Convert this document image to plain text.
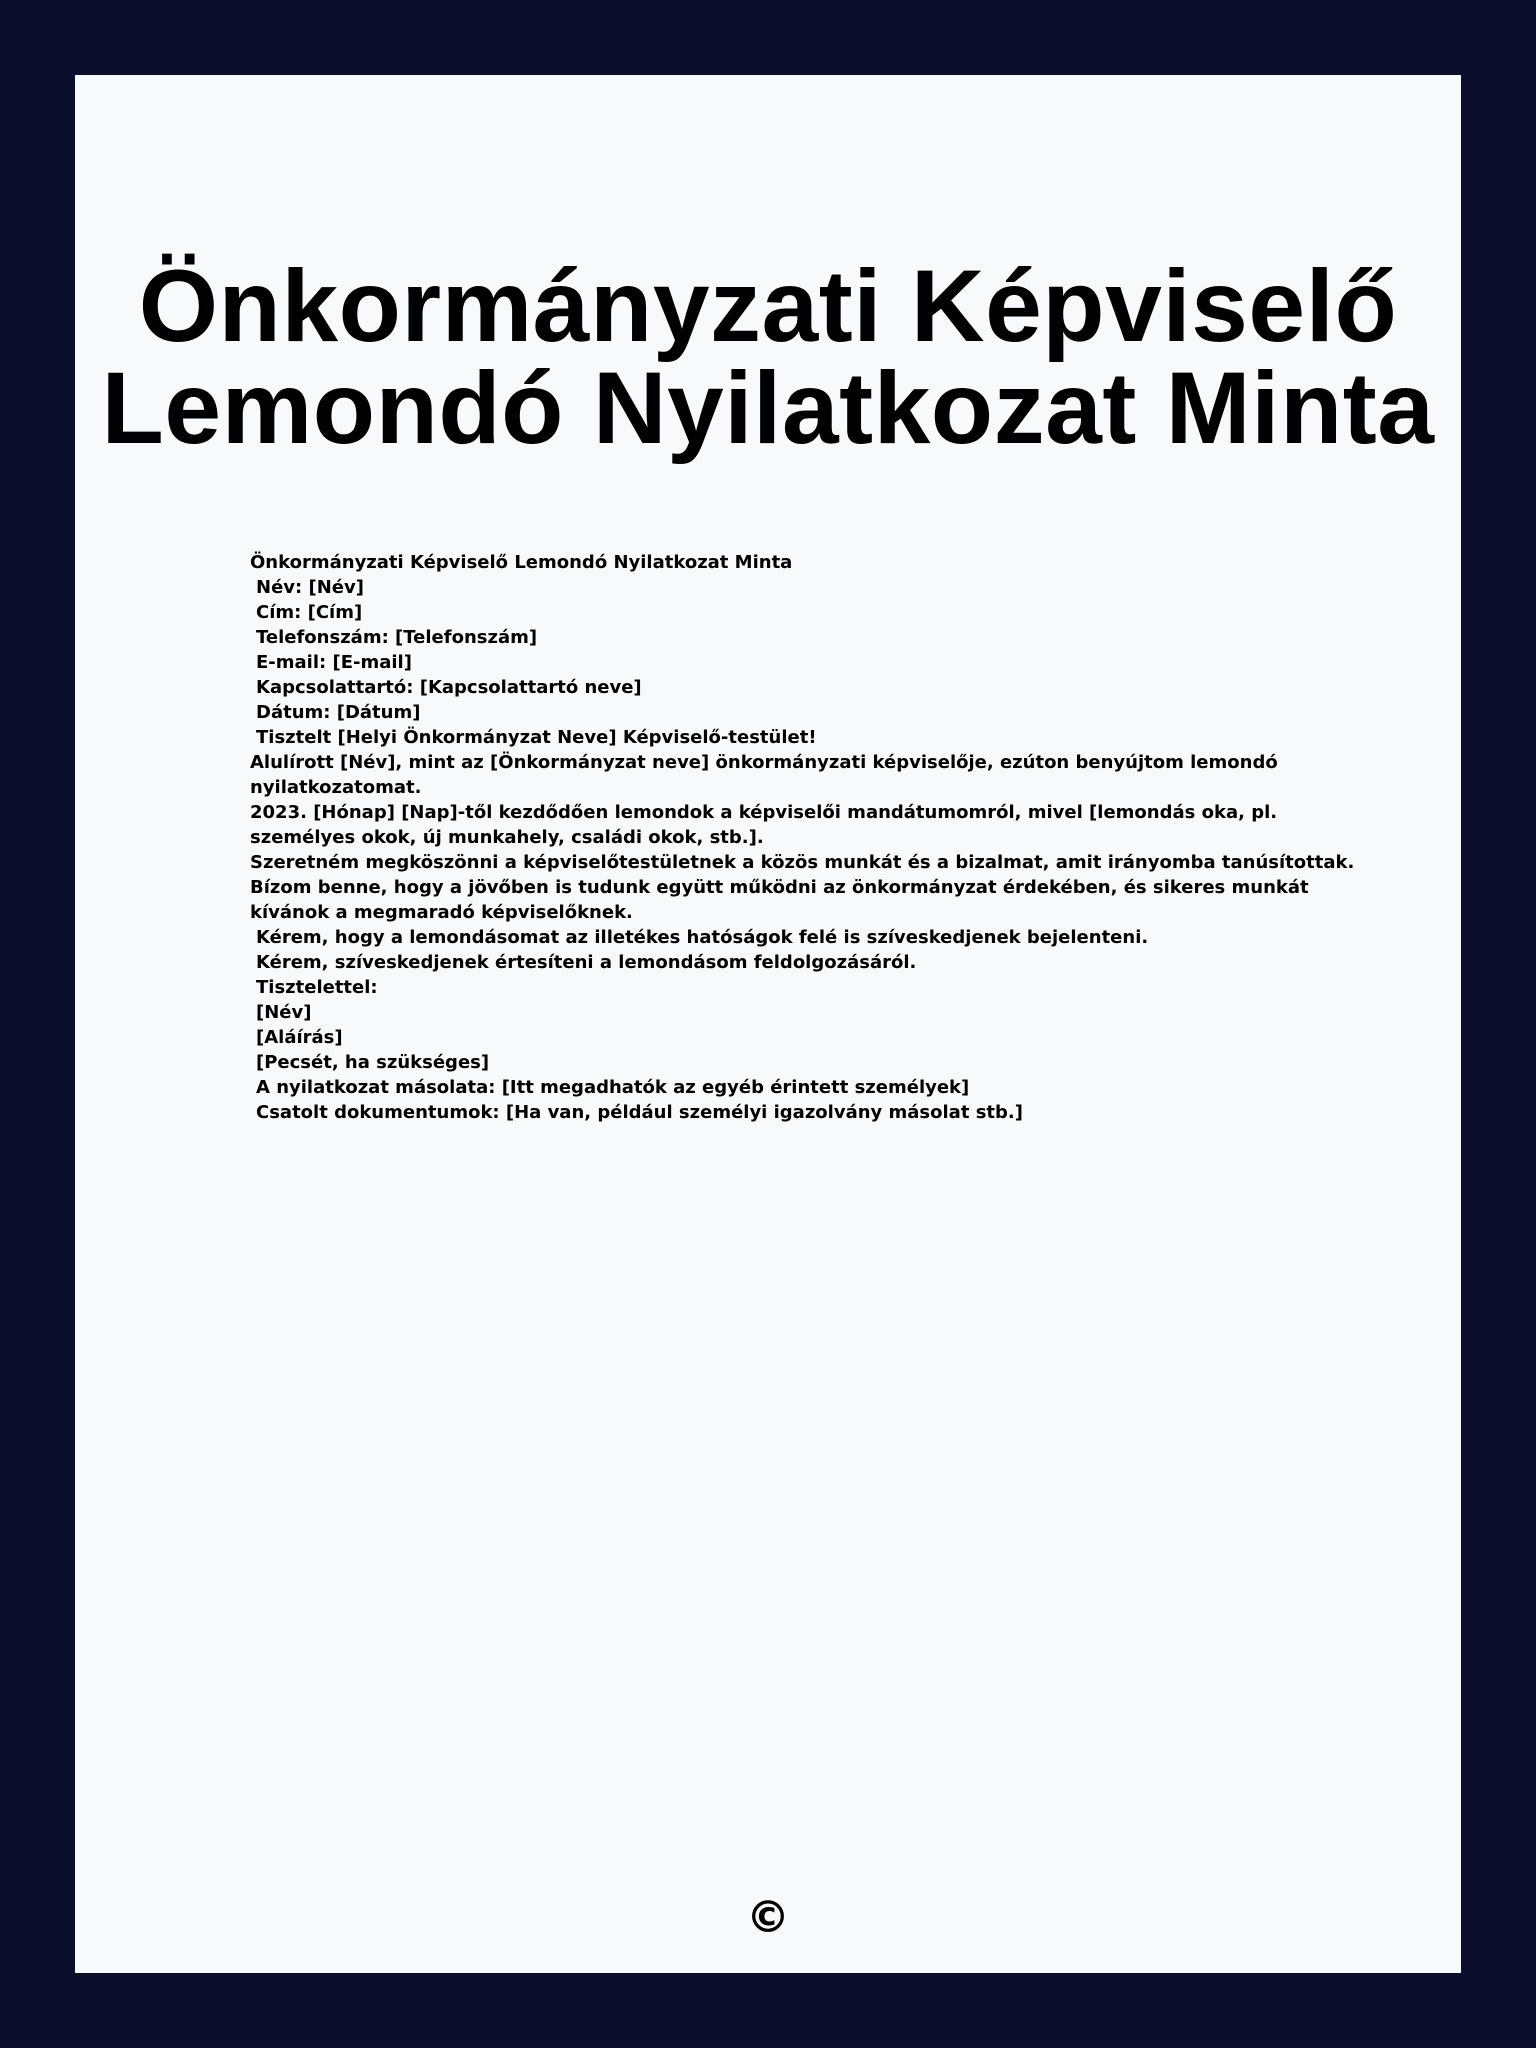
Önkormányzati Képviselő
Lemondó Nyilatkozat Minta
Önkormányzati Képviselő Lemondó Nyilatkozat Minta
Név: [Név]
Cím: [Cím]
Telefonszám: [Telefonszám]
E-mail: [E-mail]
Kapcsolattartó: [Kapcsolattartó neve]
Dátum: [Dátum]
Tisztelt [Helyi Önkormányzat Neve] Képviselő-testület!
Alulírott [Név], mint az [Önkormányzat neve] önkormányzati képviselője, ezúton benyújtom lemondó
nyilatkozatomat.
2023. [Hónap] [Nap]-től kezdődően lemondok a képviselői mandátumomról, mivel [lemondás oka, pl.
személyes okok, új munkahely, családi okok, stb.].
Szeretném megköszönni a képviselőtestületnek a közös munkát és a bizalmat, amit irányomba tanúsítottak.
Bízom benne, hogy a jövőben is tudunk együtt működni az önkormányzat érdekében, és sikeres munkát
kívánok a megmaradó képviselőknek.
Kérem, hogy a lemondásomat az illetékes hatóságok felé is szíveskedjenek bejelenteni.
Kérem, szíveskedjenek értesíteni a lemondásom feldolgozásáról.
Tisztelettel:
[Név]
[Aláírás]
[Pecsét, ha szükséges]
A nyilatkozat másolata: [Itt megadhatók az egyéb érintett személyek]
Csatolt dokumentumok: [Ha van, például személyi igazolvány másolat stb.]
©
